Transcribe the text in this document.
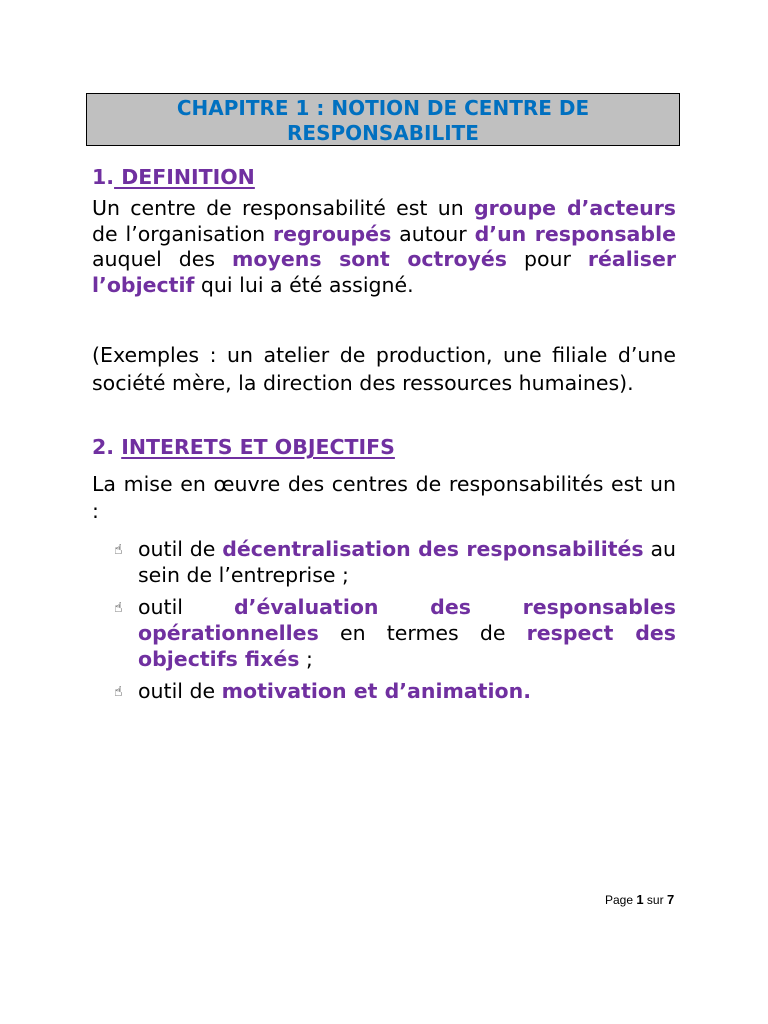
CHAPITRE 1 : NOTION DE CENTRE DE
RESPONSABILITE
1. DEFINITION
Un centre de responsabilité est un groupe d’acteurs de l’organisation regroupés autour d’un responsable auquel des moyens sont octroyés pour réaliser l’objectif qui lui a été assigné.
(Exemples : un atelier de production, une filiale d’une société mère, la direction des ressources humaines).
2. INTERETS ET OBJECTIFS
La mise en œuvre des centres de responsabilités est un :
☝ outil de décentralisation des responsabilités au sein de l’entreprise ;
☝ outil d’évaluation des responsables opérationnelles en termes de respect des objectifs fixés ;
☝ outil de motivation et d’animation.
Page 1 sur 7
